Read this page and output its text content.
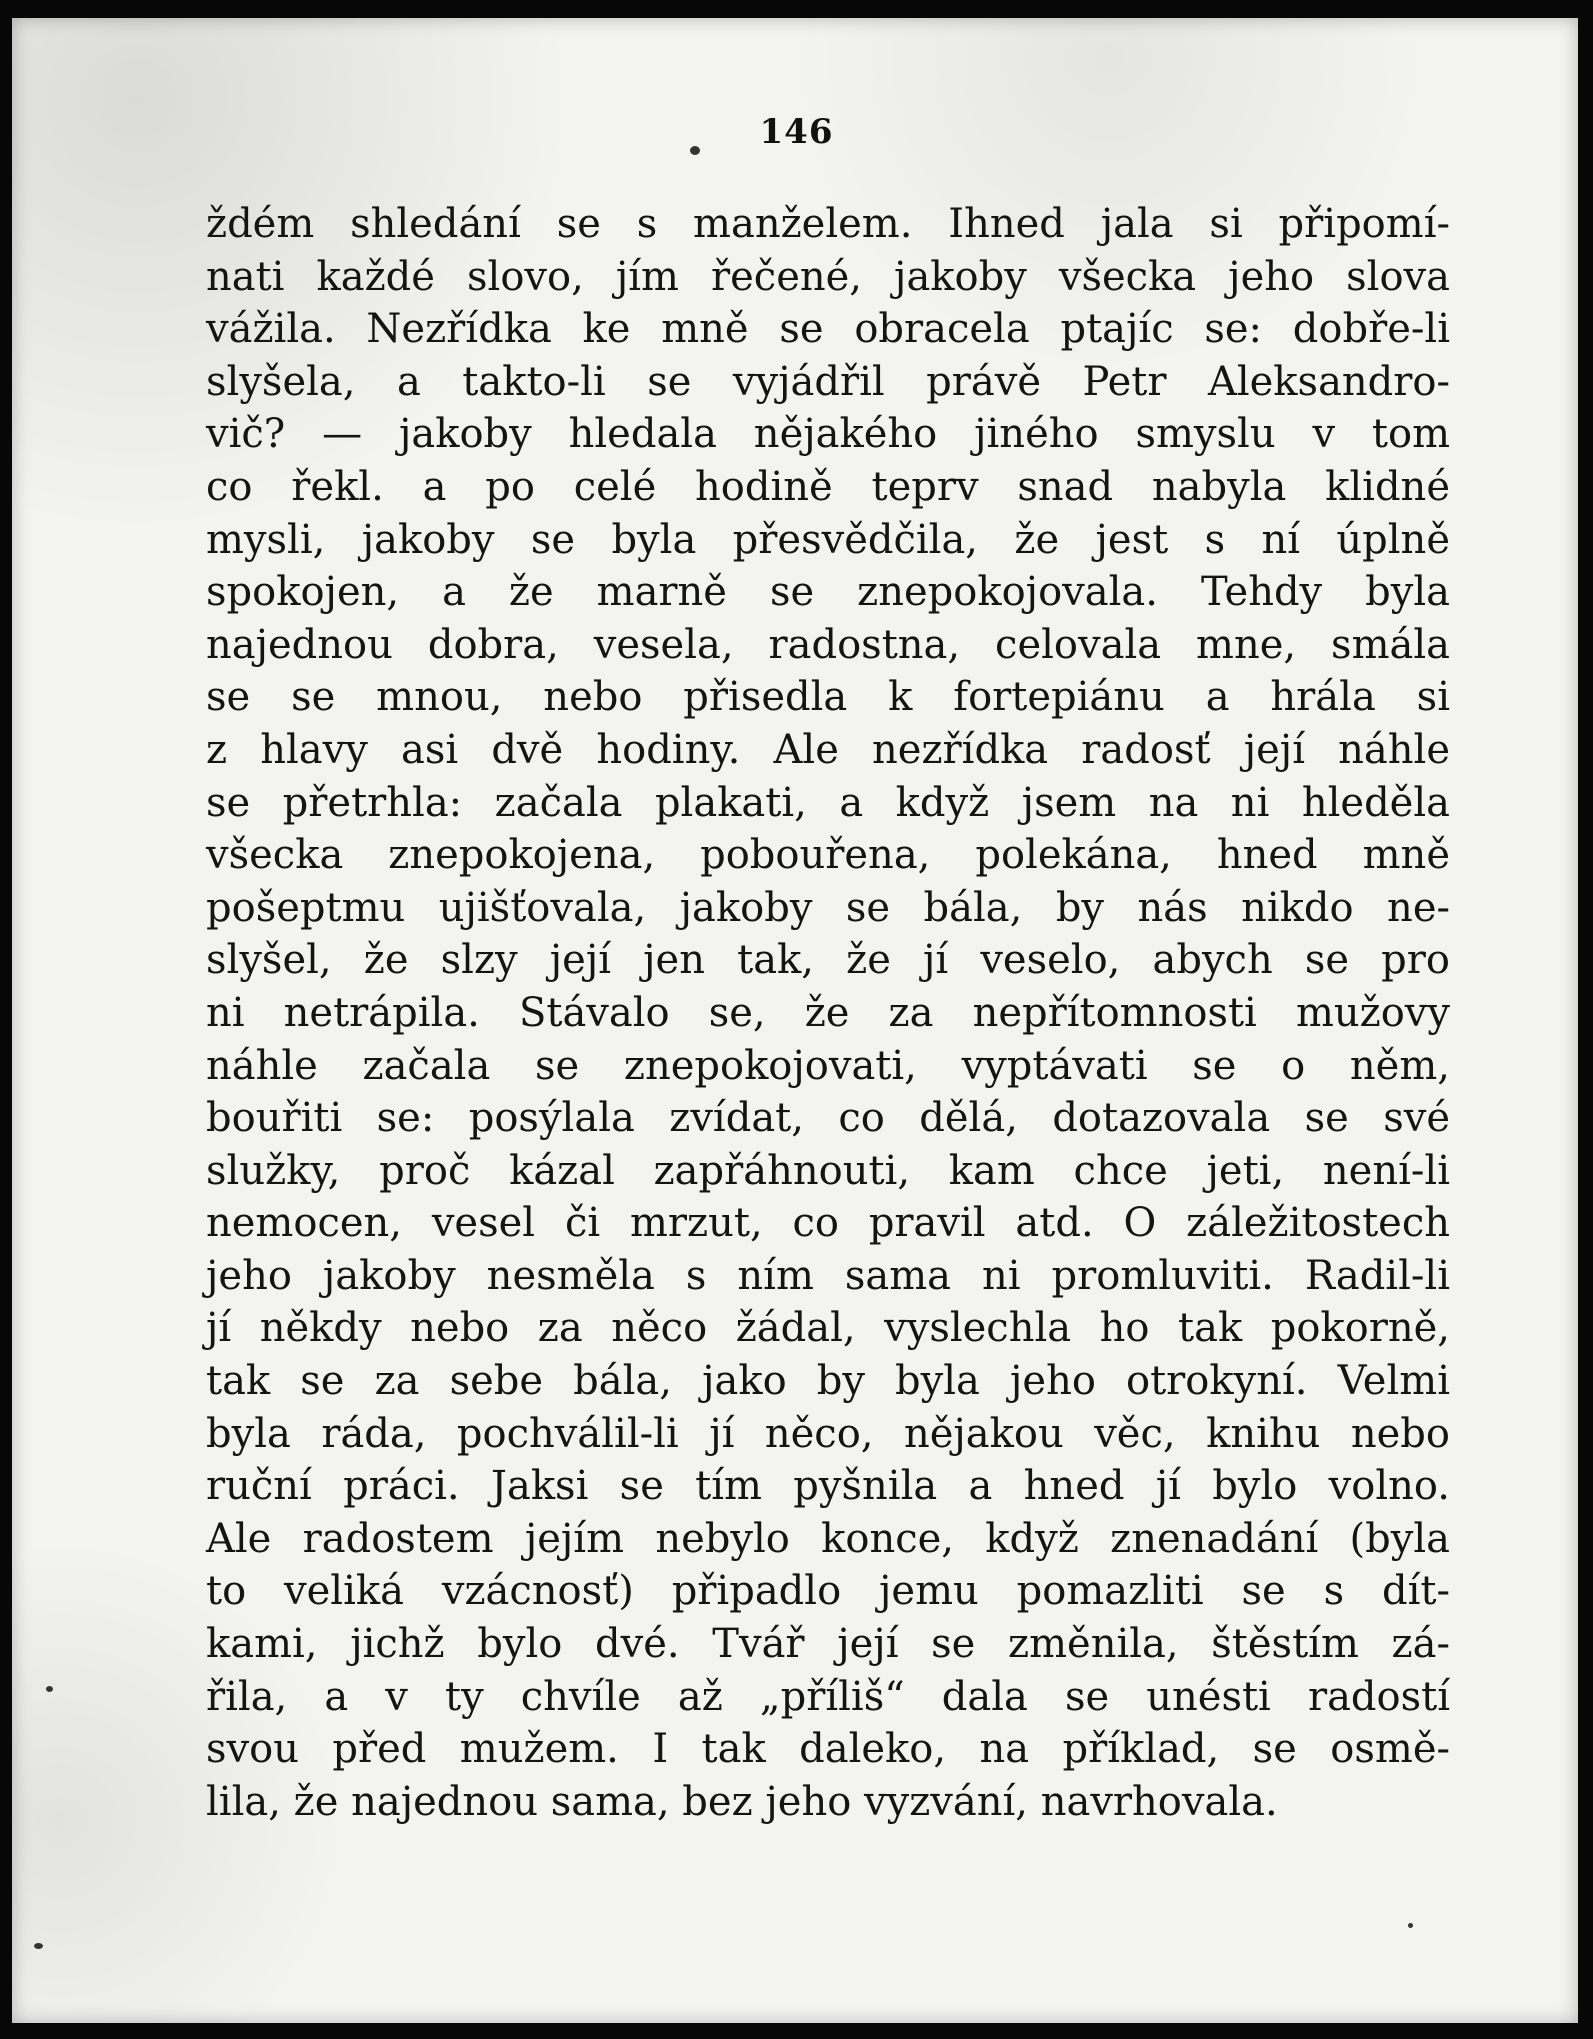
146
ždém shledání se s manželem. Ihned jala si připomí-
nati každé slovo, jím řečené, jakoby všecka jeho slova
vážila. Nezřídka ke mně se obracela ptajíc se: dobře-li
slyšela, a takto-li se vyjádřil právě Petr Aleksandro-
vič? — jakoby hledala nějakého jiného smyslu v tom
co řekl. a po celé hodině teprv snad nabyla klidné
mysli, jakoby se byla přesvědčila, že jest s ní úplně
spokojen, a že marně se znepokojovala. Tehdy byla
najednou dobra, vesela, radostna, celovala mne, smála
se se mnou, nebo přisedla k fortepiánu a hrála si
z hlavy asi dvě hodiny. Ale nezřídka radosť její náhle
se přetrhla: začala plakati, a když jsem na ni hleděla
všecka znepokojena, pobouřena, polekána, hned mně
pošeptmu ujišťovala, jakoby se bála, by nás nikdo ne-
slyšel, že slzy její jen tak, že jí veselo, abych se pro
ni netrápila. Stávalo se, že za nepřítomnosti mužovy
náhle začala se znepokojovati, vyptávati se o něm,
bouřiti se: posýlala zvídat, co dělá, dotazovala se své
služky, proč kázal zapřáhnouti, kam chce jeti, není-li
nemocen, vesel či mrzut, co pravil atd. O záležitostech
jeho jakoby nesměla s ním sama ni promluviti. Radil-li
jí někdy nebo za něco žádal, vyslechla ho tak pokorně,
tak se za sebe bála, jako by byla jeho otrokyní. Velmi
byla ráda, pochválil-li jí něco, nějakou věc, knihu nebo
ruční práci. Jaksi se tím pyšnila a hned jí bylo volno.
Ale radostem jejím nebylo konce, když znenadání (byla
to veliká vzácnosť) připadlo jemu pomazliti se s dít-
kami, jichž bylo dvé. Tvář její se změnila, štěstím zá-
řila, a v ty chvíle až „příliš“ dala se unésti radostí
svou před mužem. I tak daleko, na příklad, se osmě-
lila, že najednou sama, bez jeho vyzvání, navrhovala.
